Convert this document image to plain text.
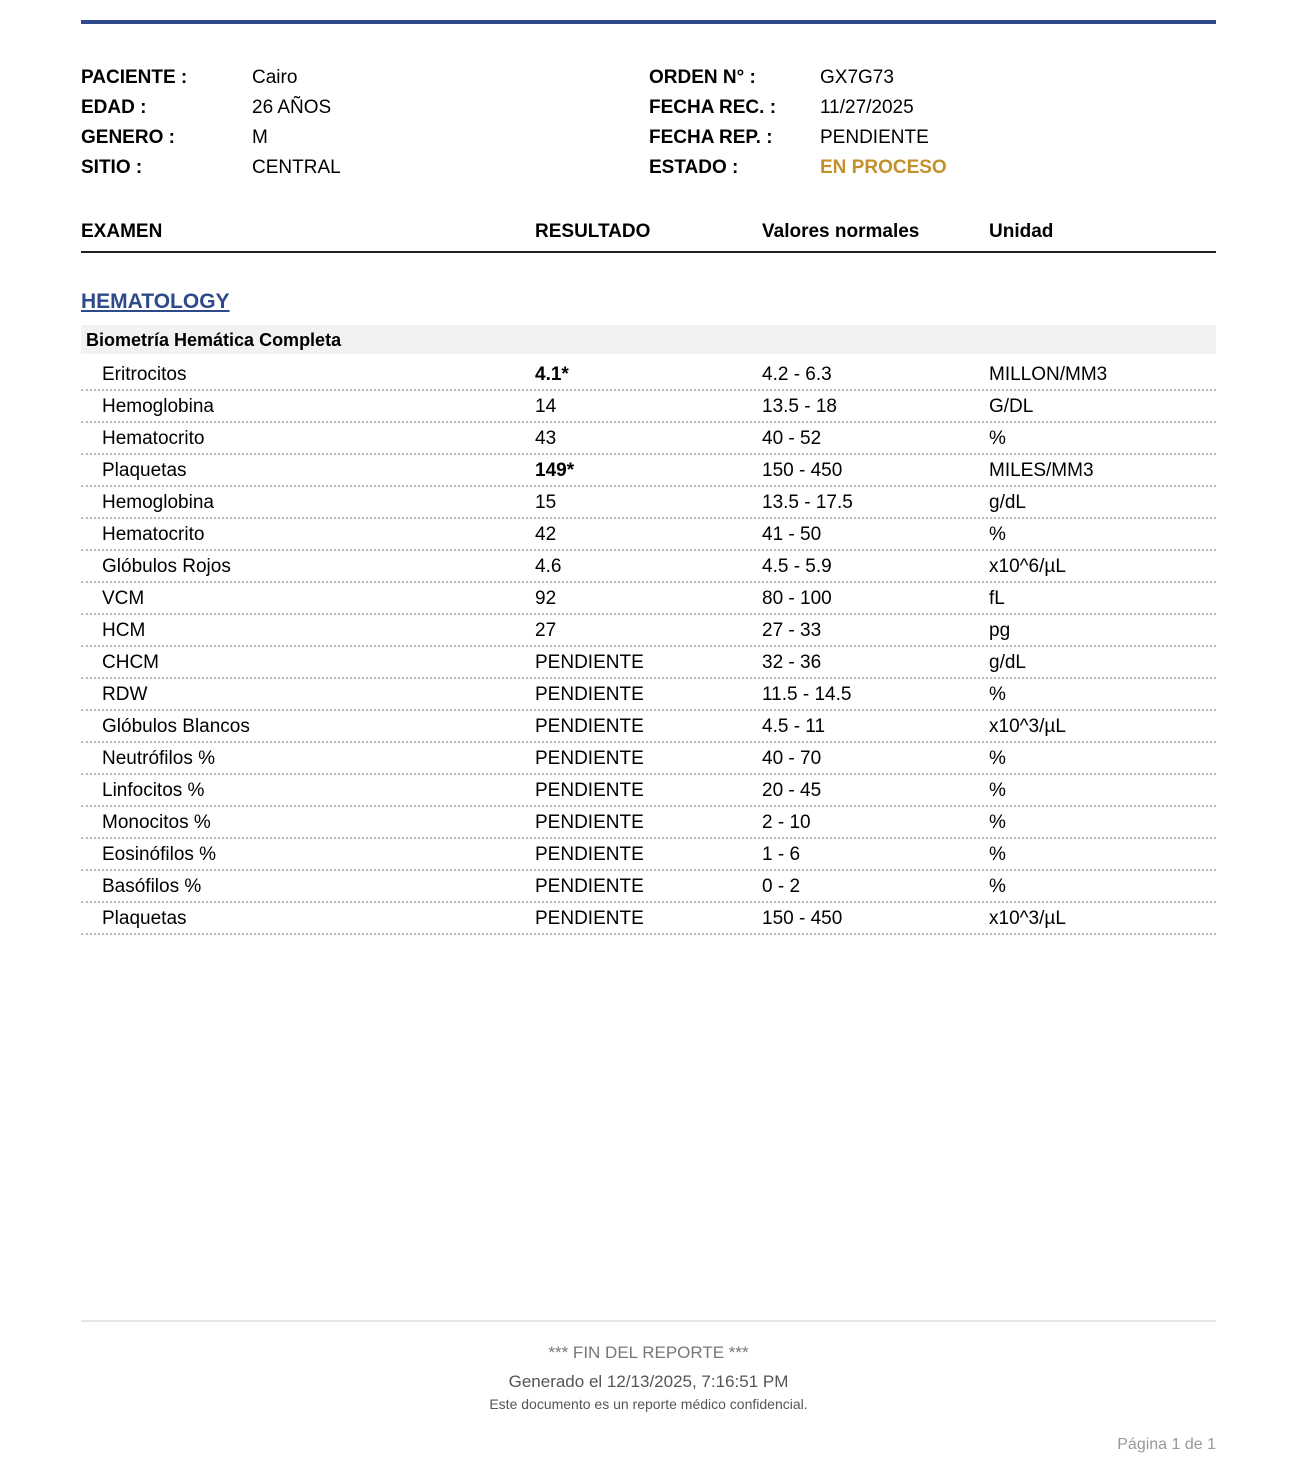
PACIENTE :	Cairo
EDAD :	26 AÑOS
GENERO :	M
SITIO :	CENTRAL
ORDEN N° :	GX7G73
FECHA REC. : 11/27/2025
FECHA REP. : PENDIENTE
ESTADO :	EN PROCESO
EXAMEN	RESULTADO	Valores normales	Unidad
HEMATOLOGY
Biometría Hemática Completa
Eritrocitos	4.1*	4.2 - 6.3	MILLON/MM3
Hemoglobina	14	13.5 - 18	G/DL
Hematocrito	43	40 - 52	%
Plaquetas	149*	150 - 450	MILES/MM3
Hemoglobina	15	13.5 - 17.5	g/dL
Hematocrito	42	41 - 50	%
Glóbulos Rojos	4.6	4.5 - 5.9	x10^6/µL
VCM	92	80 - 100	fL
HCM	27	27 - 33	pg
CHCM	PENDIENTE	32 - 36	g/dL
RDW	PENDIENTE	11.5 - 14.5	%
Glóbulos Blancos	PENDIENTE	4.5 - 11	x10^3/µL
Neutrófilos %	PENDIENTE	40 - 70	%
Linfocitos %	PENDIENTE	20 - 45	%
Monocitos %	PENDIENTE	2 - 10	%
Eosinófilos %	PENDIENTE	1 - 6	%
Basófilos %	PENDIENTE	0 - 2	%
Plaquetas	PENDIENTE	150 - 450	x10^3/µL
*** FIN DEL REPORTE ***
Generado el 12/13/2025, 7:16:51 PM
Este documento es un reporte médico confidencial.
Página 1 de 1
